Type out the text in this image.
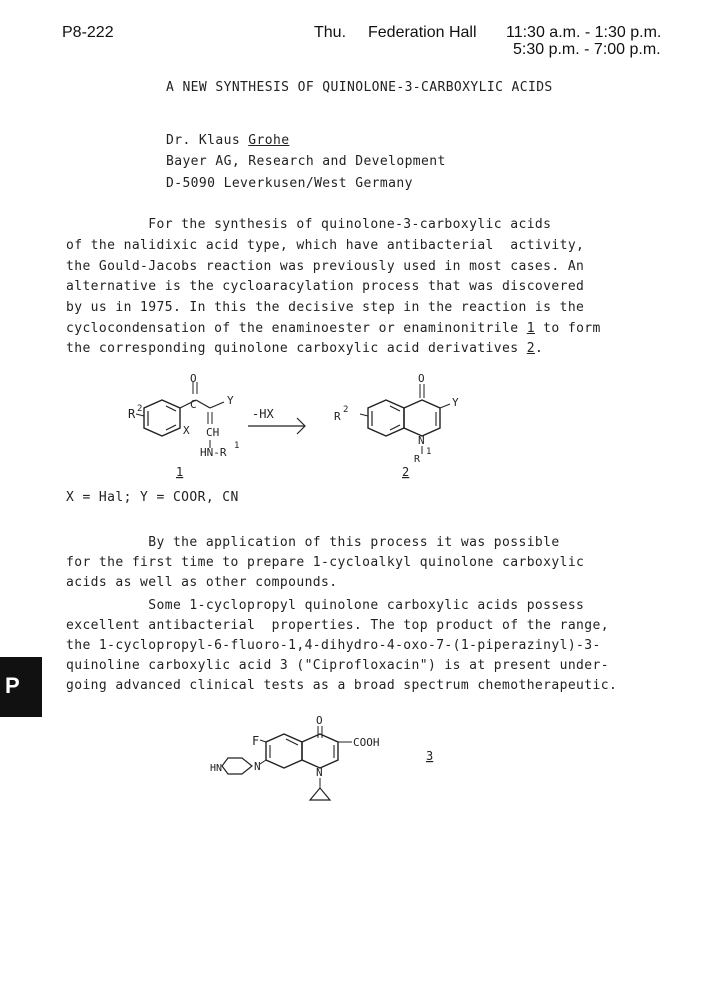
P8-222	Thu. Federation Hall 11:30 a.m. - 1:30 p.m.
5:30 p.m. - 7:00 p.m.
A NEW SYNTHESIS OF QUINOLONE-3-CARBOXYLIC ACIDS
Dr. Klaus Grohe
Bayer AG, Research and Development
D-5090 Leverkusen/West Germany
For the synthesis of quinolone-3-carboxylic acids
of the nalidixic acid type, which have antibacterial  activity,
the Gould-Jacobs reaction was previously used in most cases. An
alternative is the cycloaracylation process that was discovered
by us in 1975. In this the decisive step in the reaction is the
cyclocondensation of the enaminoester or enaminonitrile 1 to form
the corresponding quinolone carboxylic acid derivatives 2.
R 2
O
C	Y
X CH
HN-R 1
1
-HX	R 2
O
Y
N
R
1
2
X = Hal; Y = COOR, CN
By the application of this process it was possible
for the first time to prepare 1-cycloalkyl quinolone carboxylic
acids as well as other compounds.
Some 1-cyclopropyl quinolone carboxylic acids possess
excellent antibacterial  properties. The top product of the range,
the 1-cyclopropyl-6-fluoro-1,4-dihydro-4-oxo-7-(1-piperazinyl)-3-
quinoline carboxylic acid 3 ("Ciprofloxacin") is at present under-
going advanced clinical tests as a broad spectrum chemotherapeutic.
P
O
COOH
F
N
N
HN
3
